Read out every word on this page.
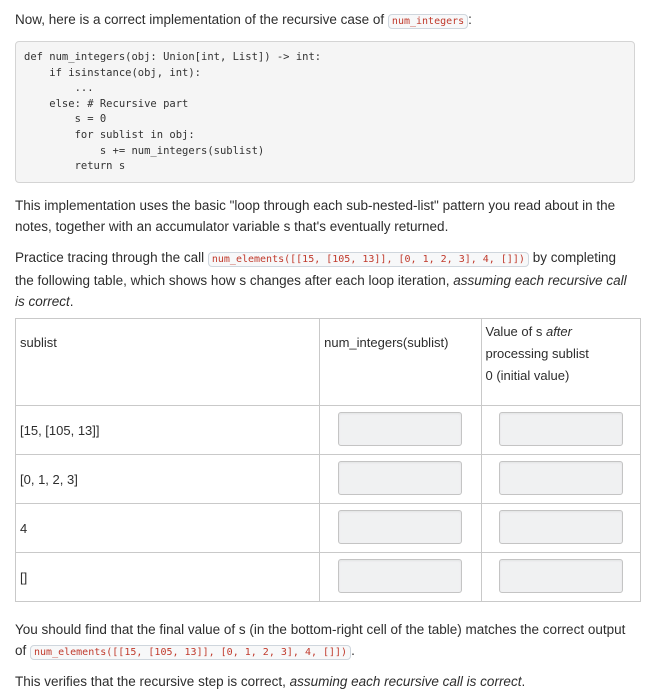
Now, here is a correct implementation of the recursive case of num_integers :

def num_integers(obj: Union[int, List]) -> int:
if isinstance(obj, int):
...
else: # Recursive part
s = 0
for sublist in obj:
s += num_integers(sublist)
return s

This implementation uses the basic "loop through each sub-nested-list" pattern you read about in the notes, together with an accumulator variable s that's eventually returned.

Practice tracing through the call num_elements([[15, [105, 13]], [0, 1, 2, 3], 4, []]) by completing the following table, which shows how s changes after each loop iteration, assuming each recursive call is correct.

sublist	num_integers(sublist)	Value of s after processing sublist
0 (initial value)
[15, [105, 13]]	

[0, 1, 2, 3]	

4	

[]	

You should find that the final value of s (in the bottom-right cell of the table) matches the correct output of num_elements([[15, [105, 13]], [0, 1, 2, 3], 4, []]) .

This verifies that the recursive step is correct, assuming each recursive call is correct.
